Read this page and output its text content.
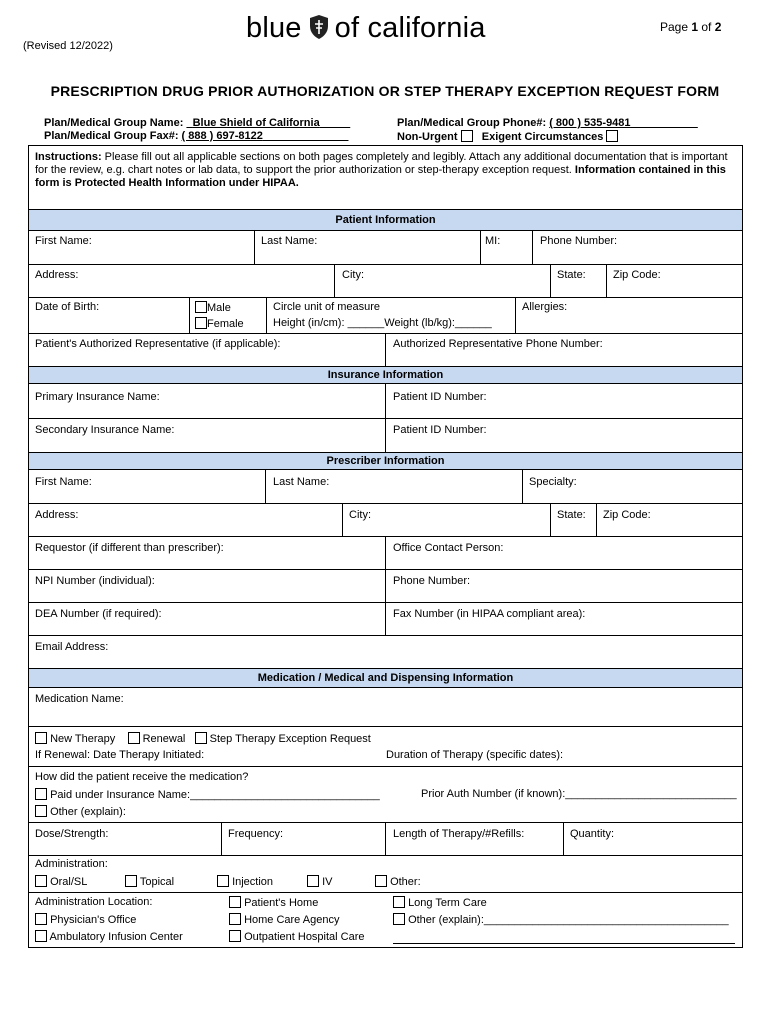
(Revised 12/2022)
blue of california	Page 1 of 2
PRESCRIPTION DRUG PRIOR AUTHORIZATION OR STEP THERAPY EXCEPTION REQUEST FORM
Plan/Medical Group Name: Blue Shield of California
Plan/Medical Group Fax#: ( 888 ) 697-8122
Plan/Medical Group Phone#: ( 800 ) 535-9481
Non-Urgent Exigent Circumstances
Instructions: Please fill out all applicable sections on both pages completely and legibly. Attach any additional documentation that is important for the review, e.g. chart notes or lab data, to support the prior authorization or step-therapy exception request. Information contained in this form is Protected Health Information under HIPAA.
Patient Information
First Name:	Last Name:	MI:	Phone Number:
Address:	City:	State: Zip Code:
Date of Birth:	Male
Female
Circle unit of measure
Height (in/cm): ______Weight (lb/kg):______
Allergies:
Patient's Authorized Representative (if applicable):	Authorized Representative Phone Number:
Insurance Information
Primary Insurance Name:	Patient ID Number:
Secondary Insurance Name:	Patient ID Number:
Prescriber Information
First Name:	Last Name:	Specialty:
Address:	City:	State: Zip Code:
Requestor (if different than prescriber):	Office Contact Person:
NPI Number (individual):	Phone Number:
DEA Number (if required):	Fax Number (in HIPAA compliant area):
Email Address:
Medication / Medical and Dispensing Information
Medication Name:
New Therapy Renewal Step Therapy Exception Request
If Renewal: Date Therapy Initiated:	Duration of Therapy (specific dates):
How did the patient receive the medication?
Paid under Insurance Name:_______________________________	Prior Auth Number (if known):____________________________
Other (explain):
Dose/Strength:	Frequency:	Length of Therapy/#Refills:	Quantity:
Administration:
Oral/SL	Topical	Injection	IV	Other:
Administration Location:
Physician's Office
Ambulatory Infusion Center
Patient's Home
Home Care Agency
Outpatient Hospital Care
Long Term Care
Other (explain):________________________________________
